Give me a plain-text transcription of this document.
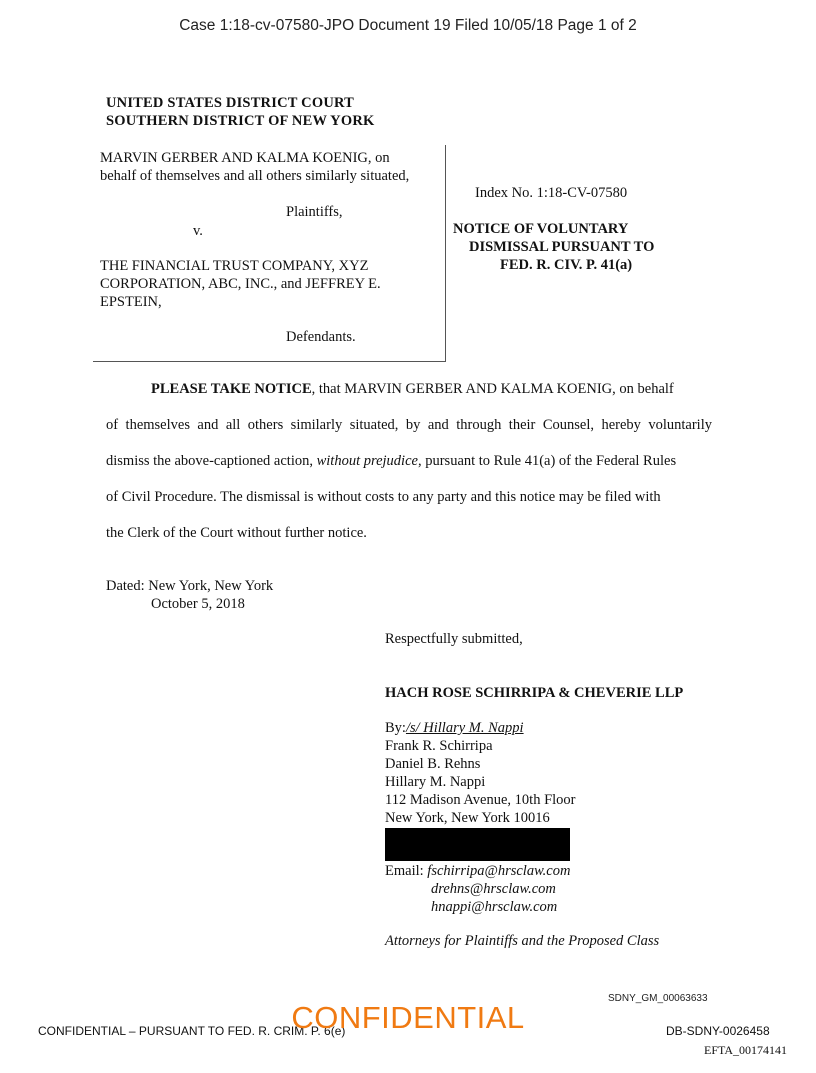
Case 1:18-cv-07580-JPO Document 19 Filed 10/05/18 Page 1 of 2
UNITED STATES DISTRICT COURT
SOUTHERN DISTRICT OF NEW YORK
MARVIN GERBER AND KALMA KOENIG, on
behalf of themselves and all others similarly situated,
Plaintiffs,
v.
THE FINANCIAL TRUST COMPANY, XYZ
CORPORATION, ABC, INC., and JEFFREY E.
EPSTEIN,
Defendants.
Index No. 1:18-CV-07580
NOTICE OF VOLUNTARY
DISMISSAL PURSUANT TO
FED. R. CIV. P. 41(a)
PLEASE TAKE NOTICE, that MARVIN GERBER AND KALMA KOENIG, on behalf
of themselves and all others similarly situated, by and through their Counsel, hereby voluntarily
dismiss the above-captioned action, without prejudice, pursuant to Rule 41(a) of the Federal Rules
of Civil Procedure. The dismissal is without costs to any party and this notice may be filed with
the Clerk of the Court without further notice.
Dated: New York, New York
October 5, 2018
Respectfully submitted,
HACH ROSE SCHIRRIPA & CHEVERIE LLP
By:/s/ Hillary M. Nappi
Frank R. Schirripa
Daniel B. Rehns
Hillary M. Nappi
112 Madison Avenue, 10th Floor
New York, New York 10016
Email: fschirripa@hrsclaw.com
drehns@hrsclaw.com
hnappi@hrsclaw.com
Attorneys for Plaintiffs and the Proposed Class
SDNY_GM_00063633
CONFIDENTIAL – PURSUANT TO FED. R. CRIM. P. 6(e)
CONFIDENTIAL	DB-SDNY-0026458
EFTA_00174141
